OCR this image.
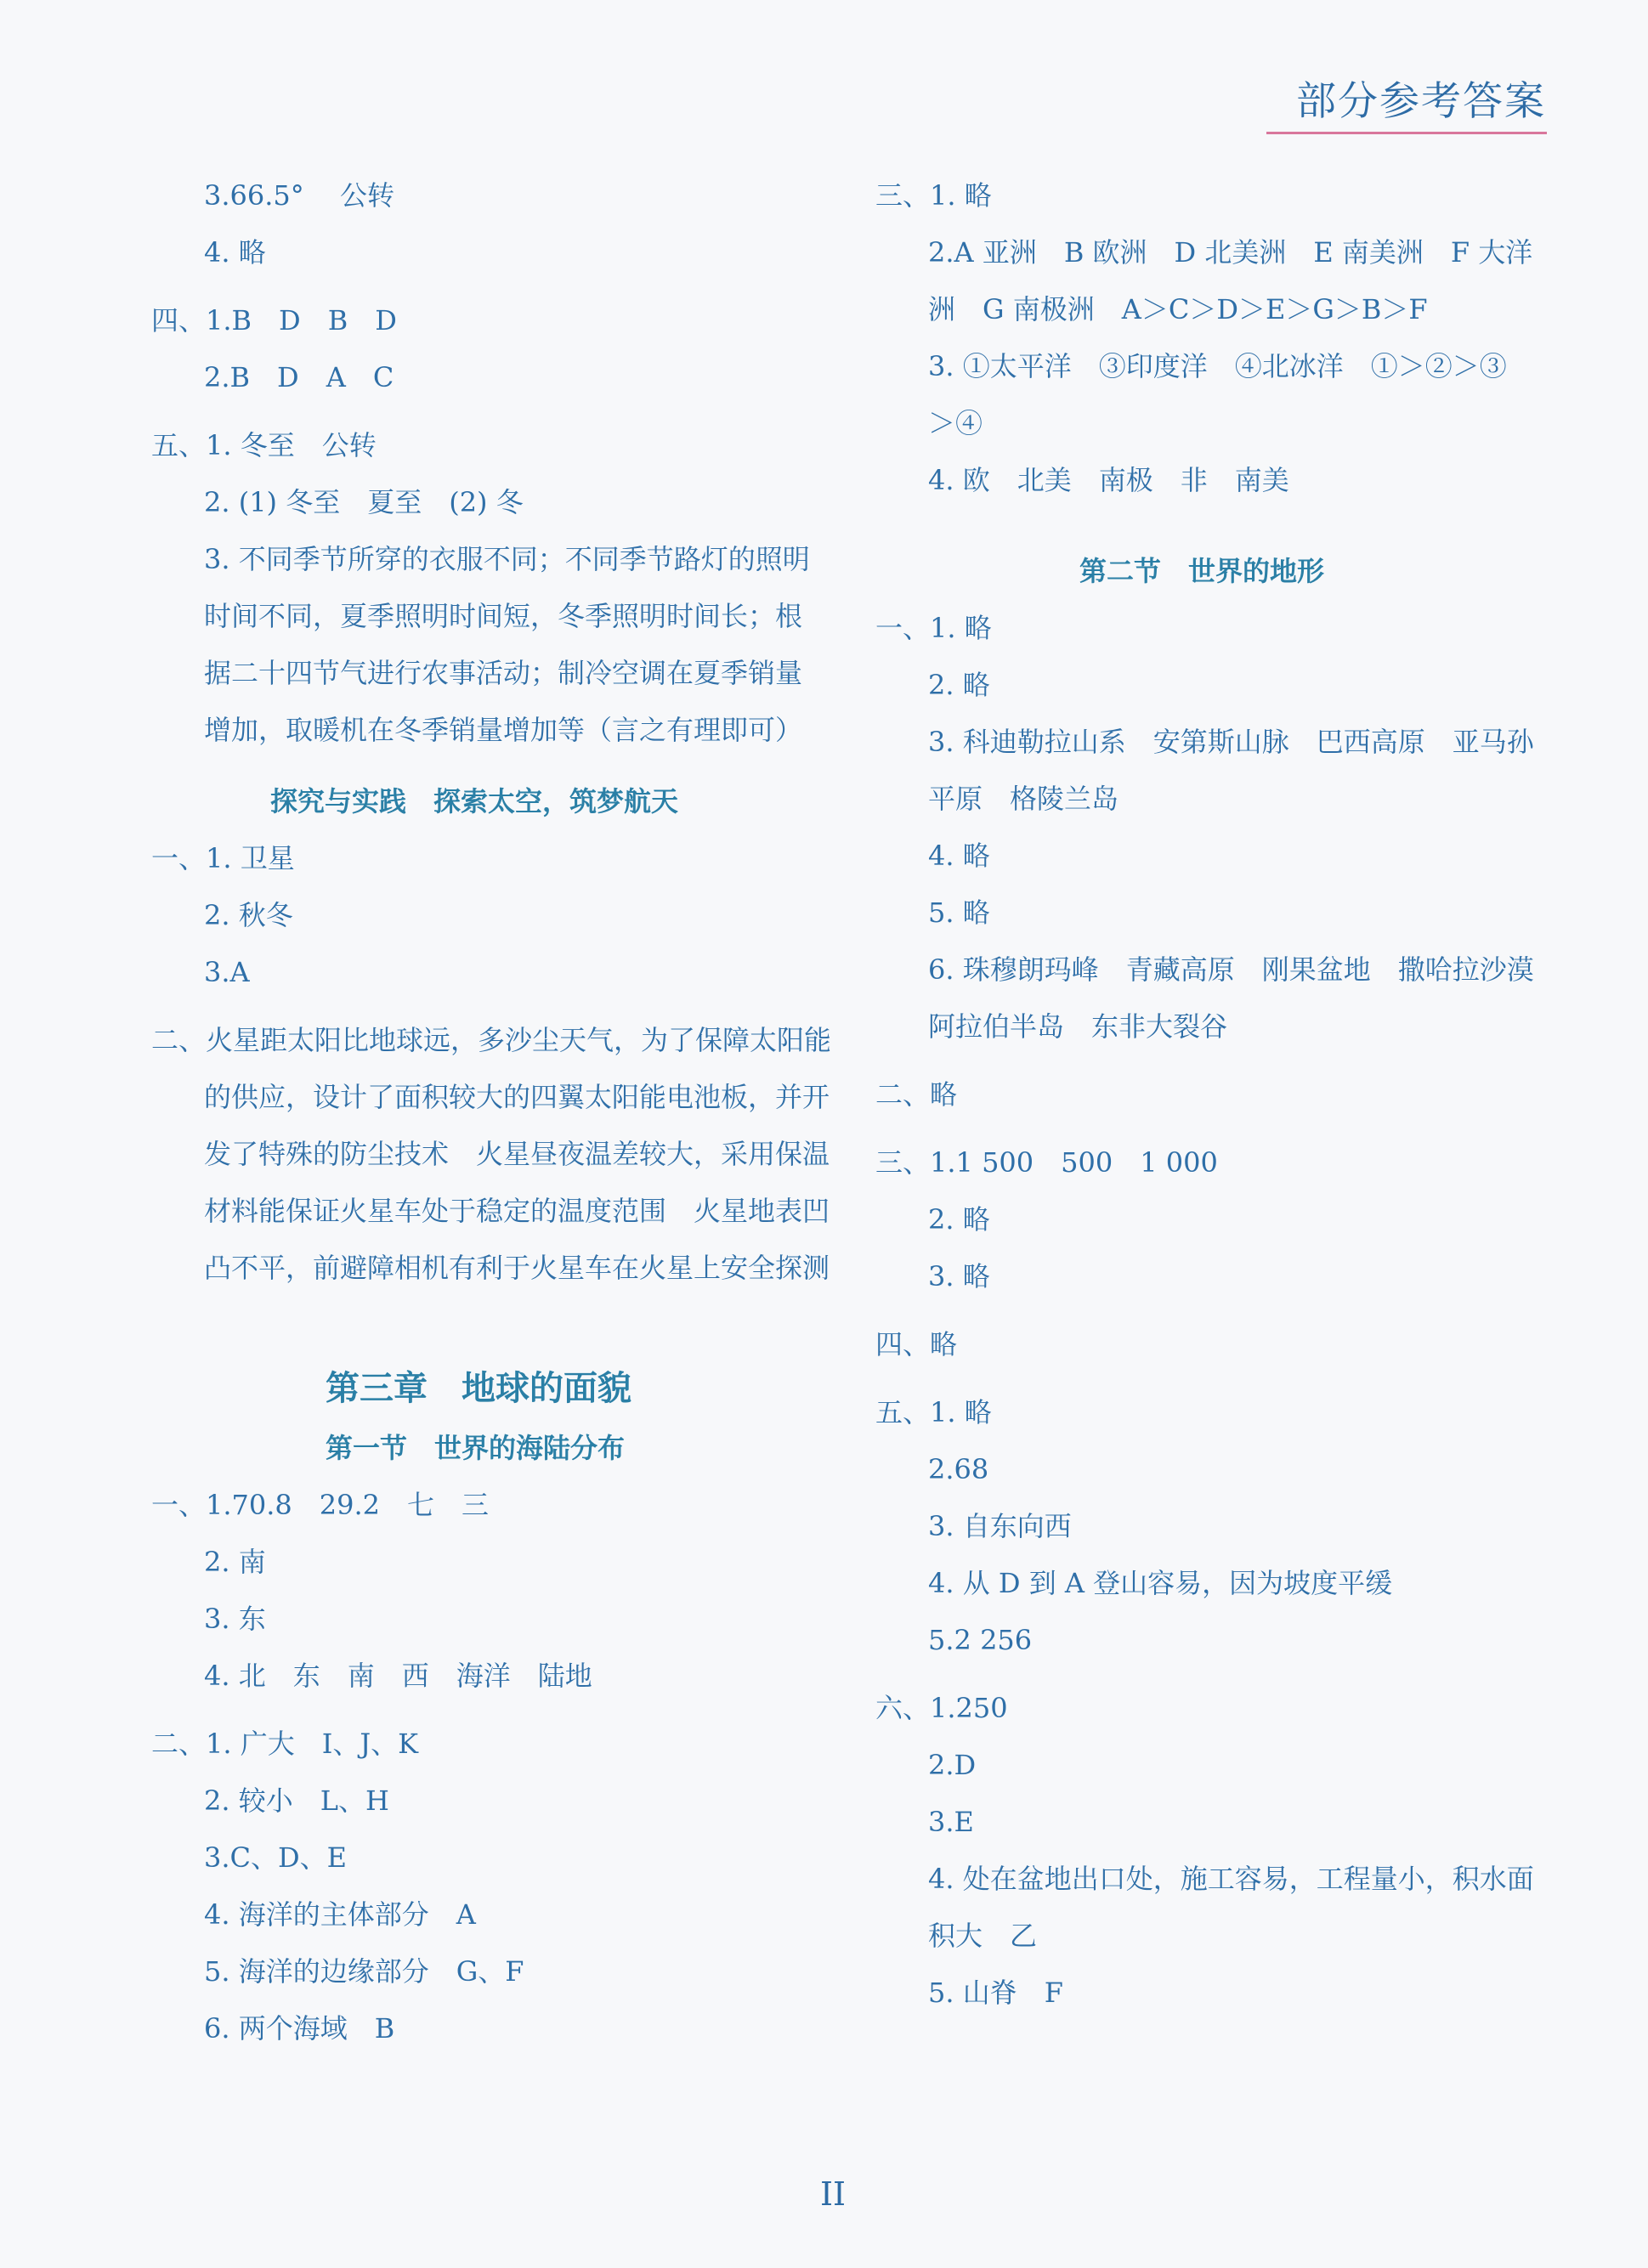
部分参考答案
3.66.5° 　公转
4. 略
四、1.B　D　B　D
2.B　D　A　C
五、1. 冬至　公转
2. (1) 冬至　夏至　(2) 冬
3. 不同季节所穿的衣服不同；不同季节路灯的照明
时间不同，夏季照明时间短，冬季照明时间长；根
据二十四节气进行农事活动；制冷空调在夏季销量
增加，取暖机在冬季销量增加等（言之有理即可）
探究与实践　探索太空，筑梦航天
一、1. 卫星
2. 秋冬
3.A
二、火星距太阳比地球远，多沙尘天气，为了保障太阳能
的供应，设计了面积较大的四翼太阳能电池板，并开
发了特殊的防尘技术　火星昼夜温差较大，采用保温
材料能保证火星车处于稳定的温度范围　火星地表凹
凸不平，前避障相机有利于火星车在火星上安全探测
第三章　地球的面貌
第一节　世界的海陆分布
一、1.70.8　29.2　七　三
2. 南
3. 东
4. 北　东　南　西　海洋　陆地
二、1. 广大　I、J、K
2. 较小　L、H
3.C、D、E
4. 海洋的主体部分　A
5. 海洋的边缘部分　G、F
6. 两个海域　B
三、1. 略
2.A 亚洲　B 欧洲　D 北美洲　E 南美洲　F 大洋
洲　G 南极洲　A＞C＞D＞E＞G＞B＞F
3. ①太平洋　③印度洋　④北冰洋　①＞②＞③
＞④
4. 欧　北美　南极　非　南美
第二节　世界的地形
一、1. 略
2. 略
3. 科迪勒拉山系　安第斯山脉　巴西高原　亚马孙
平原　格陵兰岛
4. 略
5. 略
6. 珠穆朗玛峰　青藏高原　刚果盆地　撒哈拉沙漠
阿拉伯半岛　东非大裂谷
二、略
三、1.1 500　500　1 000
2. 略
3. 略
四、略
五、1. 略
2.68
3. 自东向西
4. 从 D 到 A 登山容易，因为坡度平缓
5.2 256
六、1.250
2.D
3.E
4. 处在盆地出口处，施工容易，工程量小，积水面
积大　乙
5. 山脊　F
II
